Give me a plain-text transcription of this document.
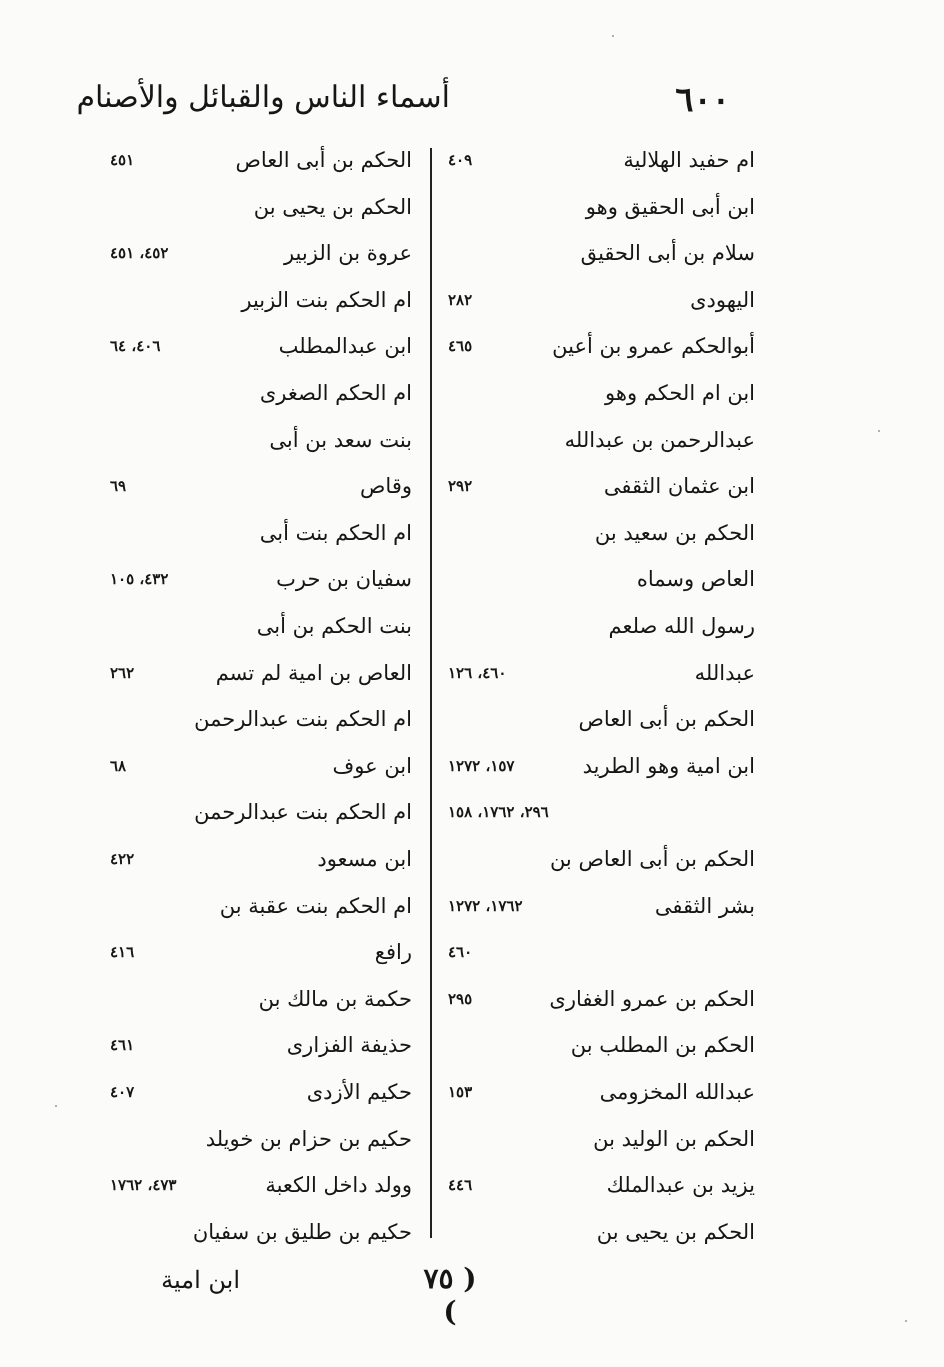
أسماء الناس والقبائل والأصنام	٦٠٠
ام حفيد الهلالية
٤٠٩
ابن أبى الحقيق وهو
سلام بن أبى الحقيق
اليهودى
٢٨٢
أبوالحكم عمرو بن أعين
٤٦٥
ابن ام الحكم وهو
عبدالرحمن بن عبدالله
ابن عثمان الثقفى
٢٩٢
الحكم بن سعيد بن
العاص وسماه
رسول الله صلعم
عبدالله
٤٦٠، ١٢٦
الحكم بن أبى العاص
ابن امية وهو الطريد
١٥٧، ١٢٧٢
٢٩٦، ١٧٦٢، ١٥٨
الحكم بن أبى العاص بن
بشر الثقفى
١٧٦٢، ١٢٧٢
٤٦٠
الحكم بن عمرو الغفارى
٢٩٥
الحكم بن المطلب بن
عبدالله المخزومى
١٥٣
الحكم بن الوليد بن
يزيد بن عبدالملك
٤٤٦
الحكم بن يحيى بن
الحكم بن أبى العاص
٤٥١
الحكم بن يحيى بن
عروة بن الزبير
٤٥٢، ٤٥١
ام الحكم بنت الزبير
ابن عبدالمطلب
٤٠٦، ٦٤
ام الحكم الصغرى
بنت سعد بن أبى
وقاص
٦٩
ام الحكم بنت أبى
سفيان بن حرب
٤٣٢، ١٠٥
بنت الحكم بن أبى
العاص بن امية لم تسم
٢٦٢
ام الحكم بنت عبدالرحمن
ابن عوف
٦٨
ام الحكم بنت عبدالرحمن
ابن مسعود
٤٢٢
ام الحكم بنت عقبة بن
رافع
٤١٦
حكمة بن مالك بن
حذيفة الفزارى
٤٦١
حكيم الأزدى
٤٠٧
حكيم بن حزام بن خويلد
وولد داخل الكعبة
٤٧٣، ١٧٦٢
حكيم بن طليق بن سفيان
( ٧٥ )
ابن امية
